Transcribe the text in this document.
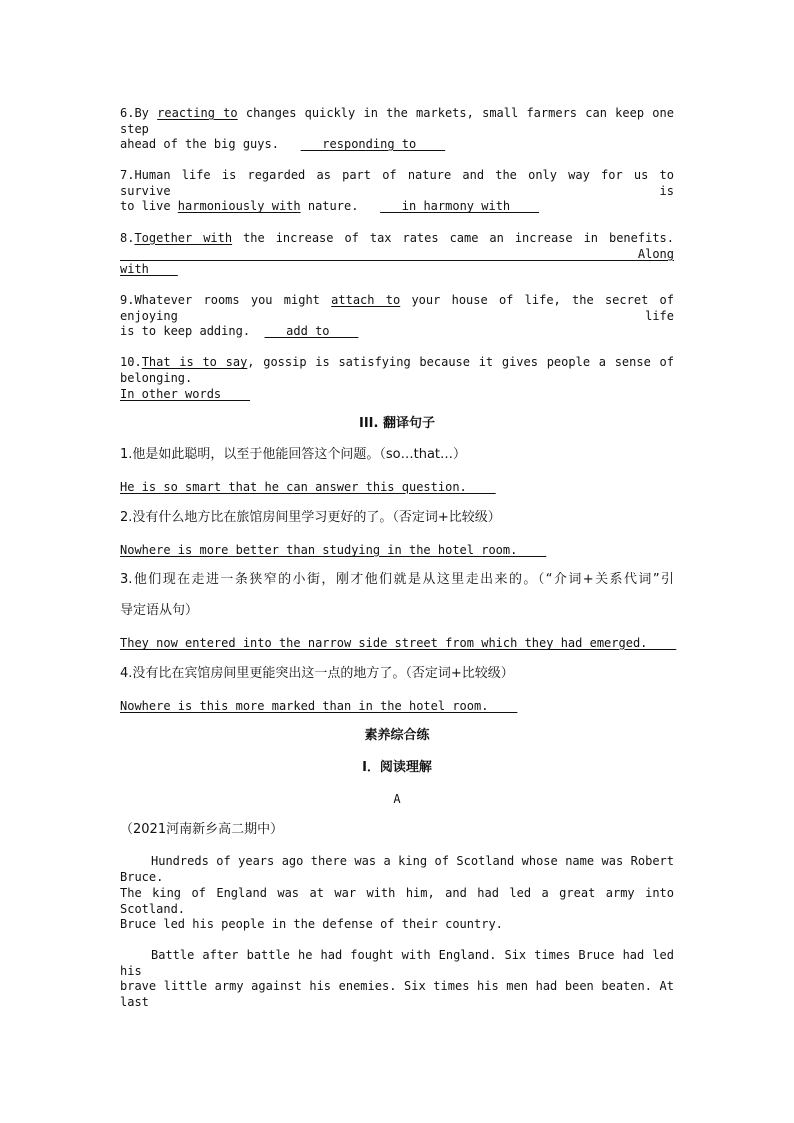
6.By reacting to changes quickly in the markets, small farmers can keep one step
ahead of the big guys.      responding to
7.Human life is regarded as part of nature and the only way for us to survive is
to live harmoniously with nature.      in harmony with
8.Together with the increase of tax rates came an increase in benefits.    Along
with
9.Whatever rooms you might attach to your house of life, the secret of enjoying life
is to keep adding.     add to
10.That is to say, gossip is satisfying because it gives people a sense of belonging.
In other words
III. 翻译句子
1.他是如此聪明，以至于他能回答这个问题。（so…that…）
He is so smart that he can answer this question.
2.没有什么地方比在旅馆房间里学习更好的了。（否定词+比较级）
Nowhere is more better than studying in the hotel room.
3.他们现在走进一条狭窄的小街，刚才他们就是从这里走出来的。（“介词+关系代词”引
导定语从句）
They now entered into the narrow side street from which they had emerged.
4.没有比在宾馆房间里更能突出这一点的地方了。（否定词+比较级）
Nowhere is this more marked than in the hotel room.
素养综合练
I．阅读理解
A
（2021河南新乡高二期中）
Hundreds of years ago there was a king of Scotland whose name was Robert Bruce.
The king of England was at war with him, and had led a great army into Scotland.
Bruce led his people in the defense of their country.
Battle after battle he had fought with England. Six times Bruce had led his
brave little army against his enemies. Six times his men had been beaten. At last
